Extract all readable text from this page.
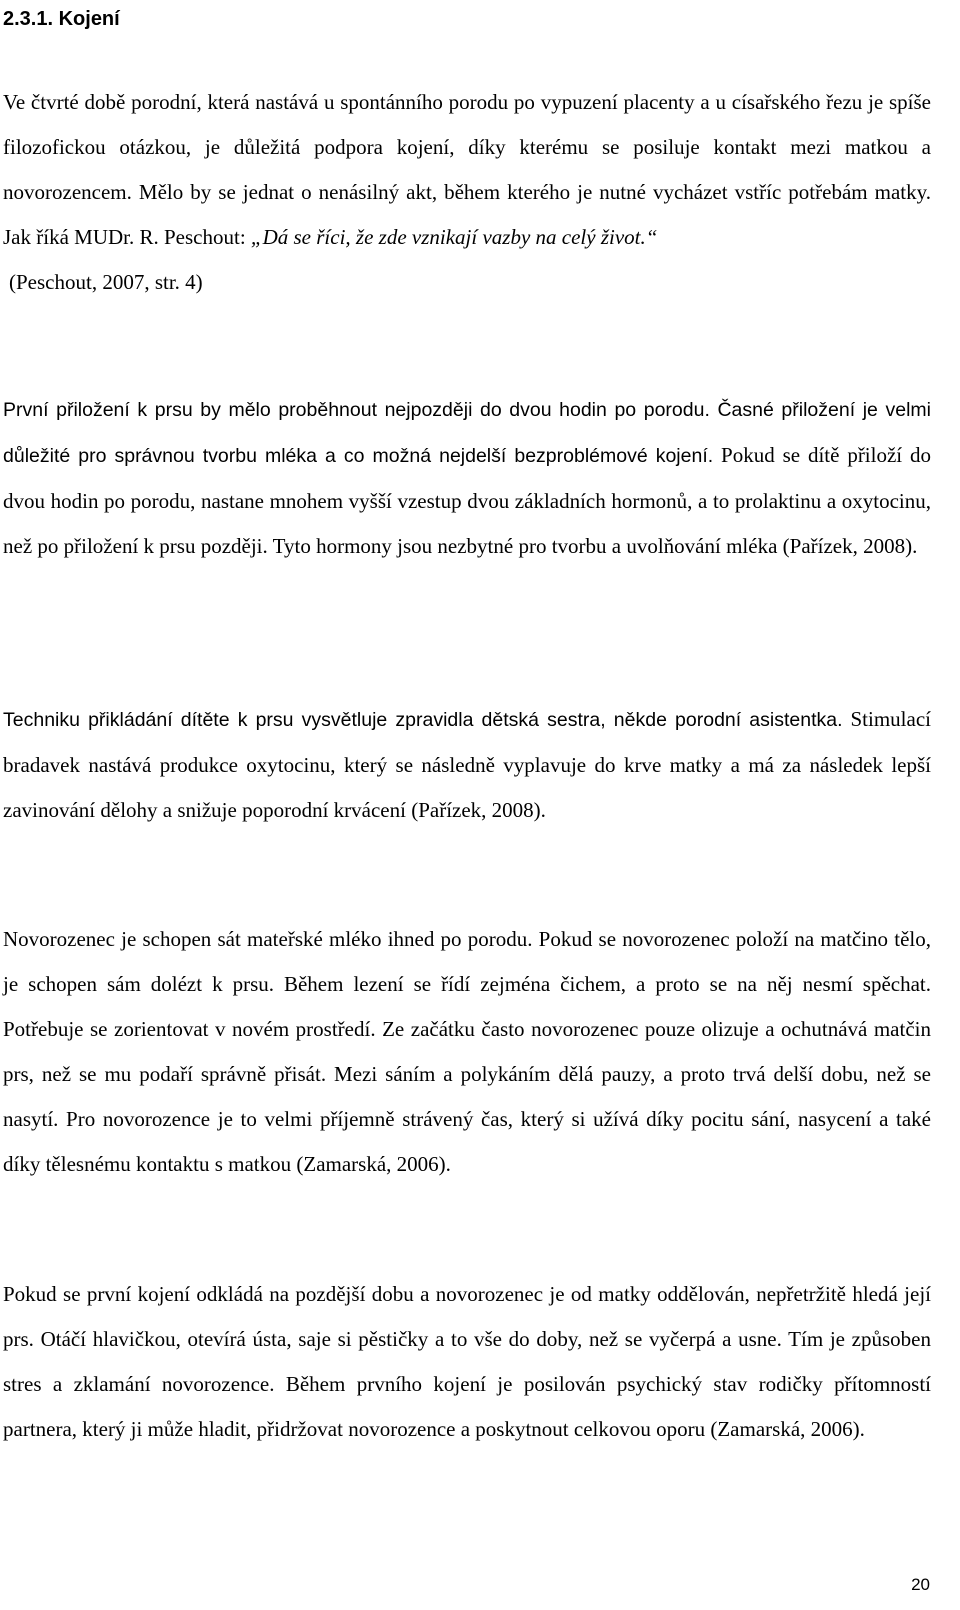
2.3.1. Kojení

Ve čtvrté době porodní, která nastává u spontánního porodu po vypuzení placenty a u císařského řezu je spíše filozofickou otázkou, je důležitá podpora kojení, díky kterému se posiluje kontakt mezi matkou a novorozencem. Mělo by se jednat o nenásilný akt, během kterého je nutné vycházet vstříc potřebám matky. Jak říká MUDr. R. Peschout: „Dá se říci, že zde vznikají vazby na celý život.“
(Peschout, 2007, str. 4)

První přiložení k prsu by mělo proběhnout nejpozději do dvou hodin po porodu. Časné přiložení je velmi důležité pro správnou tvorbu mléka a co možná nejdelší bezproblémové kojení. Pokud se dítě přiloží do dvou hodin po porodu, nastane mnohem vyšší vzestup dvou základních hormonů, a to prolaktinu a oxytocinu, než po přiložení k prsu později. Tyto hormony jsou nezbytné pro tvorbu a uvolňování mléka (Pařízek, 2008).

Techniku přikládání dítěte k prsu vysvětluje zpravidla dětská sestra, někde porodní asistentka. Stimulací bradavek nastává produkce oxytocinu, který se následně vyplavuje do krve matky a má za následek lepší zavinování dělohy a snižuje poporodní krvácení (Pařízek, 2008).

Novorozenec je schopen sát mateřské mléko ihned po porodu. Pokud se novorozenec položí na matčino tělo, je schopen sám dolézt k prsu. Během lezení se řídí zejména čichem, a proto se na něj nesmí spěchat. Potřebuje se zorientovat v novém prostředí. Ze začátku často novorozenec pouze olizuje a ochutnává matčin prs, než se mu podaří správně přisát. Mezi sáním a polykáním dělá pauzy, a proto trvá delší dobu, než se nasytí. Pro novorozence je to velmi příjemně strávený čas, který si užívá díky pocitu sání, nasycení a také díky tělesnému kontaktu s matkou (Zamarská, 2006).

Pokud se první kojení odkládá na pozdější dobu a novorozenec je od matky oddělován, nepřetržitě hledá její prs. Otáčí hlavičkou, otevírá ústa, saje si pěstičky a to vše do doby, než se vyčerpá a usne. Tím je způsoben stres a zklamání novorozence. Během prvního kojení je posilován psychický stav rodičky přítomností partnera, který ji může hladit, přidržovat novorozence a poskytnout celkovou oporu (Zamarská, 2006).

20
